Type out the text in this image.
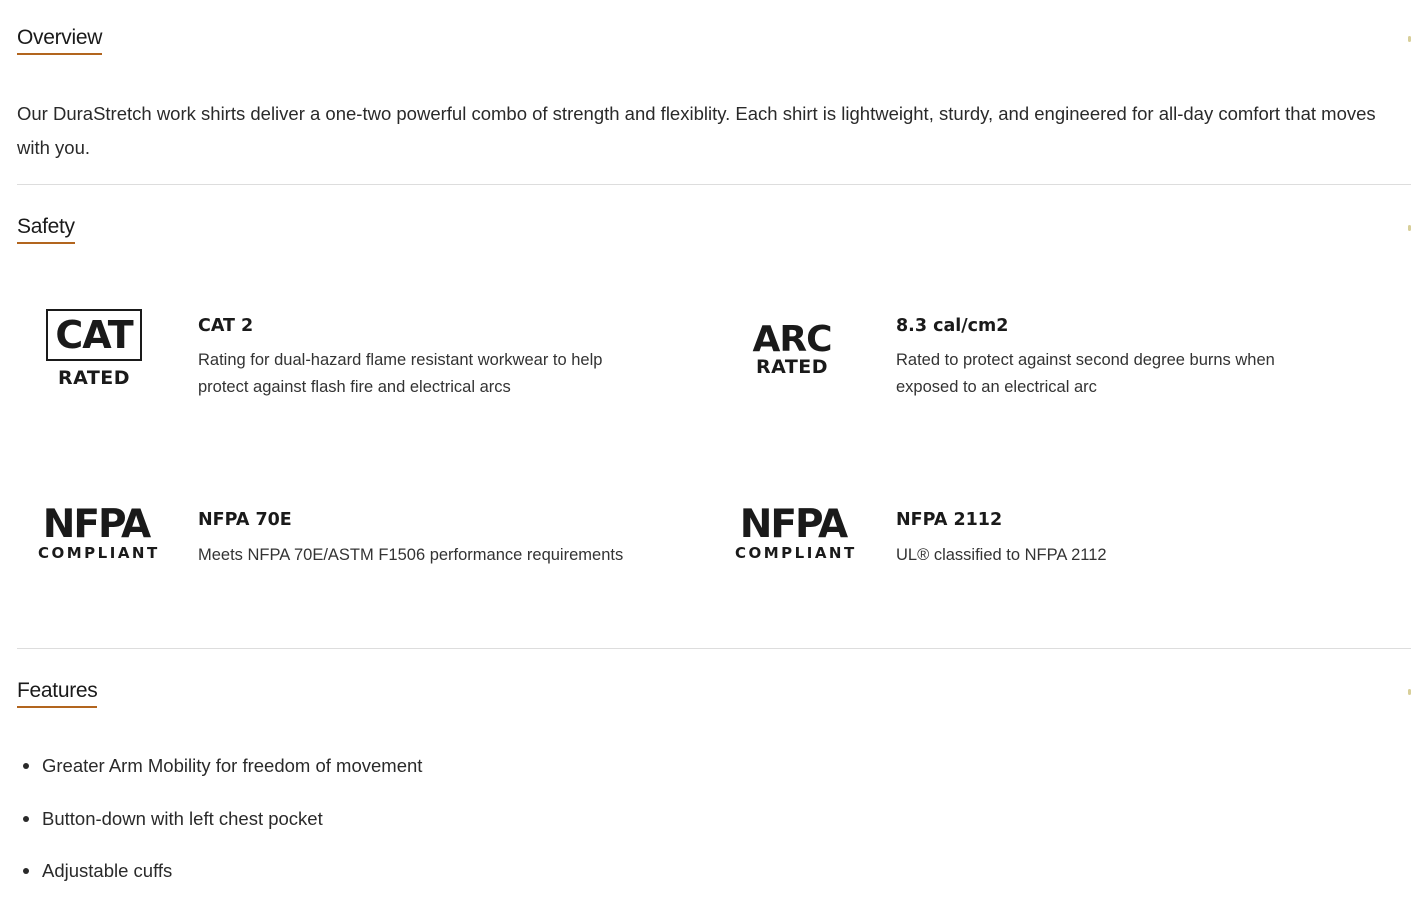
Overview
Our DuraStretch work shirts deliver a one-two powerful combo of strength and flexiblity. Each shirt is lightweight, sturdy, and engineered for all-day comfort that moves with you.
Safety
CAT
RATED
CAT 2
Rating for dual-hazard flame resistant workwear to help
protect against flash fire and electrical arcs
ARC
RATED
8.3 cal/cm2
Rated to protect against second degree burns when
exposed to an electrical arc
NFPA
COMPLIANT
NFPA 70E
Meets NFPA 70E/ASTM F1506 performance requirements
NFPA
COMPLIANT
NFPA 2112
UL® classified to NFPA 2112
Features
Greater Arm Mobility for freedom of movement
Button-down with left chest pocket
Adjustable cuffs
